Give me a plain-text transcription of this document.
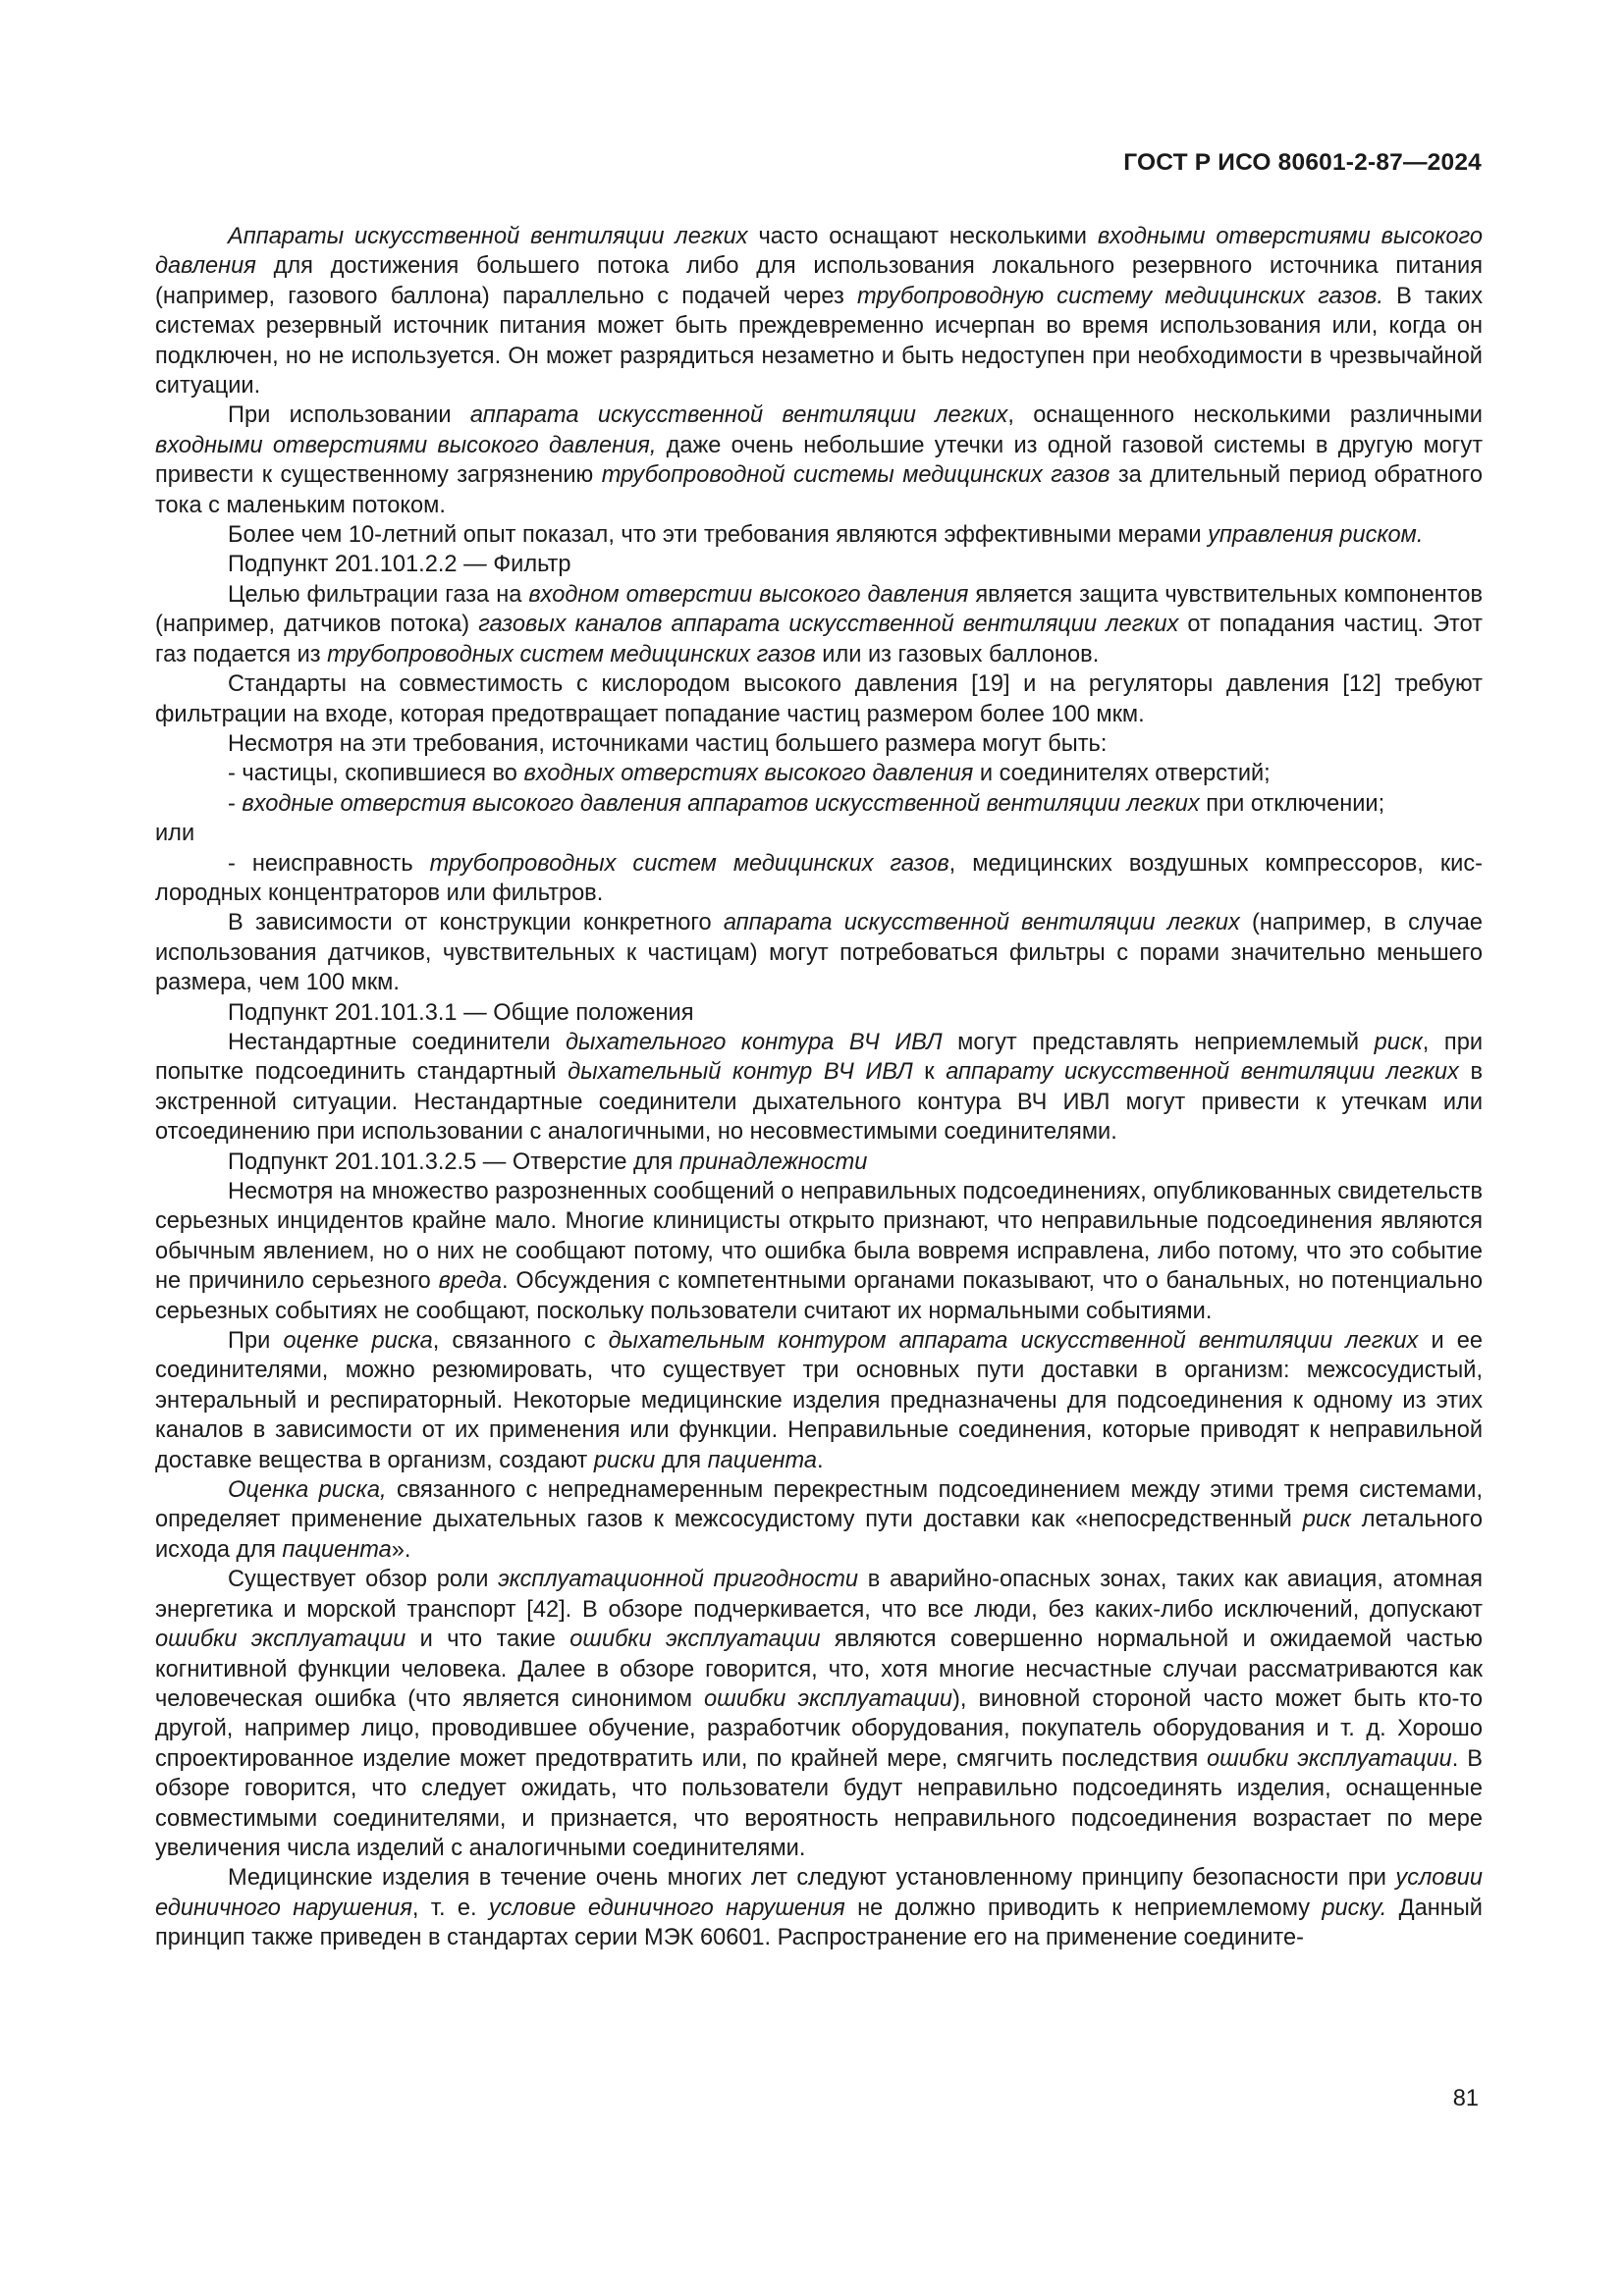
ГОСТ Р ИСО 80601-2-87—2024

Аппараты искусственной вентиляции легких часто оснащают несколькими входными отверстиями высокого давления для достижения большего потока либо для использования локального резервного источника питания (например, газового баллона) параллельно с подачей через трубопроводную систему медицинских газов. В таких системах резервный источник питания может быть преждевременно исчерпан во время использования или, когда он подключен, но не используется. Он может разрядиться незаметно и быть недоступен при необходимости в чрезвычайной ситуации.

При использовании аппарата искусственной вентиляции легких, оснащенного несколькими различными входными отверстиями высокого давления, даже очень небольшие утечки из одной газовой системы в другую могут привести к существенному загрязнению трубопроводной системы медицинских газов за длительный период обратного тока с маленьким потоком.

Более чем 10-летний опыт показал, что эти требования являются эффективными мерами управления риском.

Подпункт 201.101.2.2 — Фильтр

Целью фильтрации газа на входном отверстии высокого давления является защита чувствительных компонентов (например, датчиков потока) газовых каналов аппарата искусственной вентиляции легких от попадания частиц. Этот газ подается из трубопроводных систем медицинских газов или из газовых баллонов.

Стандарты на совместимость с кислородом высокого давления [19] и на регуляторы давления [12] требуют фильтрации на входе, которая предотвращает попадание частиц размером более 100 мкм.

Несмотря на эти требования, источниками частиц большего размера могут быть:

- частицы, скопившиеся во входных отверстиях высокого давления и соединителях отверстий;

- входные отверстия высокого давления аппаратов искусственной вентиляции легких при отключении;

или

- неисправность трубопроводных систем медицинских газов, медицинских воздушных компрессоров, кислородных концентраторов или фильтров.

В зависимости от конструкции конкретного аппарата искусственной вентиляции легких (например, в случае использования датчиков, чувствительных к частицам) могут потребоваться фильтры с порами значительно меньшего размера, чем 100 мкм.

Подпункт 201.101.3.1 — Общие положения

Нестандартные соединители дыхательного контура ВЧ ИВЛ могут представлять неприемлемый риск, при попытке подсоединить стандартный дыхательный контур ВЧ ИВЛ к аппарату искусственной вентиляции легких в экстренной ситуации. Нестандартные соединители дыхательного контура ВЧ ИВЛ могут привести к утечкам или отсоединению при использовании с аналогичными, но несовместимыми соединителями.

Подпункт 201.101.3.2.5 — Отверстие для принадлежности

Несмотря на множество разрозненных сообщений о неправильных подсоединениях, опубликованных свидетельств серьезных инцидентов крайне мало. Многие клиницисты открыто признают, что неправильные подсоединения являются обычным явлением, но о них не сообщают потому, что ошибка была вовремя исправлена, либо потому, что это событие не причинило серьезного вреда. Обсуждения с компетентными органами показывают, что о банальных, но потенциально серьезных событиях не сообщают, поскольку пользователи считают их нормальными событиями.

При оценке риска, связанного с дыхательным контуром аппарата искусственной вентиляции легких и ее соединителями, можно резюмировать, что существует три основных пути доставки в организм: межсосудистый, энтеральный и респираторный. Некоторые медицинские изделия предназначены для подсоединения к одному из этих каналов в зависимости от их применения или функции. Неправильные соединения, которые приводят к неправильной доставке вещества в организм, создают риски для пациента.

Оценка риска, связанного с непреднамеренным перекрестным подсоединением между этими тремя системами, определяет применение дыхательных газов к межсосудистому пути доставки как «непосредственный риск летального исхода для пациента».

Существует обзор роли эксплуатационной пригодности в аварийно-опасных зонах, таких как авиация, атомная энергетика и морской транспорт [42]. В обзоре подчеркивается, что все люди, без каких-либо исключений, допускают ошибки эксплуатации и что такие ошибки эксплуатации являются совершенно нормальной и ожидаемой частью когнитивной функции человека. Далее в обзоре говорится, что, хотя многие несчастные случаи рассматриваются как человеческая ошибка (что является синонимом ошибки эксплуатации), виновной стороной часто может быть кто-то другой, например лицо, проводившее обучение, разработчик оборудования, покупатель оборудования и т. д. Хорошо спроектированное изделие может предотвратить или, по крайней мере, смягчить последствия ошибки эксплуатации. В обзоре говорится, что следует ожидать, что пользователи будут неправильно подсоединять изделия, оснащенные совместимыми соединителями, и признается, что вероятность неправильного подсоединения возрастает по мере увеличения числа изделий с аналогичными соединителями.

Медицинские изделия в течение очень многих лет следуют установленному принципу безопасности при условии единичного нарушения, т. е. условие единичного нарушения не должно приводить к неприемлемому риску. Данный принцип также приведен в стандартах серии МЭК 60601. Распространение его на применение соедините-

81
